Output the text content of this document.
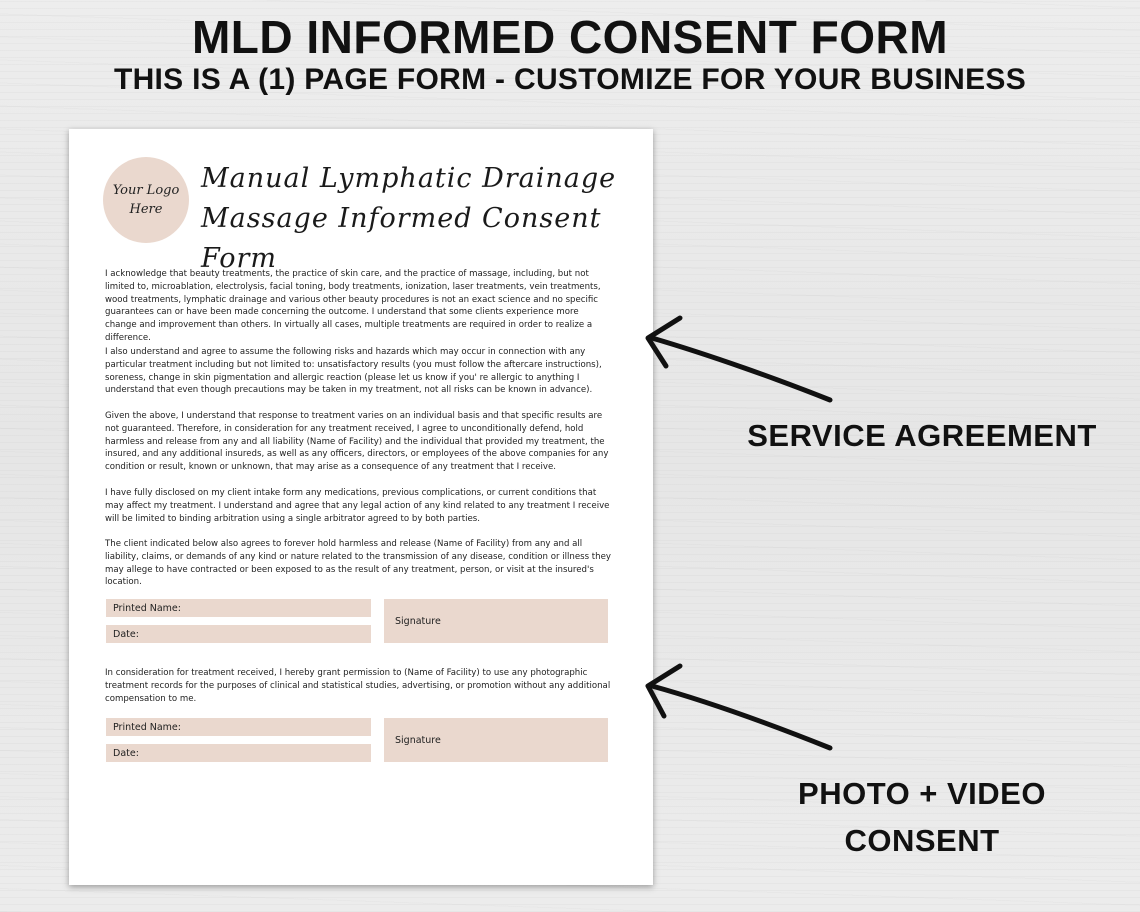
MLD INFORMED CONSENT FORM
THIS IS A (1) PAGE FORM - CUSTOMIZE FOR YOUR BUSINESS
Your Logo
Here
Manual Lymphatic Drainage
Massage Informed Consent Form

I acknowledge that beauty treatments, the practice of skin care, and the practice of massage, including, but not limited to, microablation, electrolysis, facial toning, body treatments, ionization, laser treatments, vein treatments, wood treatments, lymphatic drainage and various other beauty procedures is not an exact science and no specific guarantees can or have been made concerning the outcome. I understand that some clients experience more change and improvement than others. In virtually all cases, multiple treatments are required in order to realize a difference.

I also understand and agree to assume the following risks and hazards which may occur in connection with any particular treatment including but not limited to: unsatisfactory results (you must follow the aftercare instructions), soreness, change in skin pigmentation and allergic reaction (please let us know if you' re allergic to anything I understand that even though precautions may be taken in my treatment, not all risks can be known in advance).

Given the above, I understand that response to treatment varies on an individual basis and that specific results are not guaranteed. Therefore, in consideration for any treatment received, I agree to unconditionally defend, hold harmless and release from any and all liability (Name of Facility) and the individual that provided my treatment, the insured, and any additional insureds, as well as any officers, directors, or employees of the above companies for any condition or result, known or unknown, that may arise as a consequence of any treatment that I receive.

I have fully disclosed on my client intake form any medications, previous complications, or current conditions that may affect my treatment. I understand and agree that any legal action of any kind related to any treatment I receive will be limited to binding arbitration using a single arbitrator agreed to by both parties.

The client indicated below also agrees to forever hold harmless and release (Name of Facility) from any and all liability, claims, or demands of any kind or nature related to the transmission of any disease, condition or illness they may allege to have contracted or been exposed to as the result of any treatment, person, or visit at the insured's location.

Printed Name:
Date:
Signature

In consideration for treatment received, I hereby grant permission to (Name of Facility) to use any photographic treatment records for the purposes of clinical and statistical studies, advertising, or promotion without any additional compensation to me.

Printed Name:
Date:
Signature

SERVICE AGREEMENT

PHOTO + VIDEO
CONSENT
